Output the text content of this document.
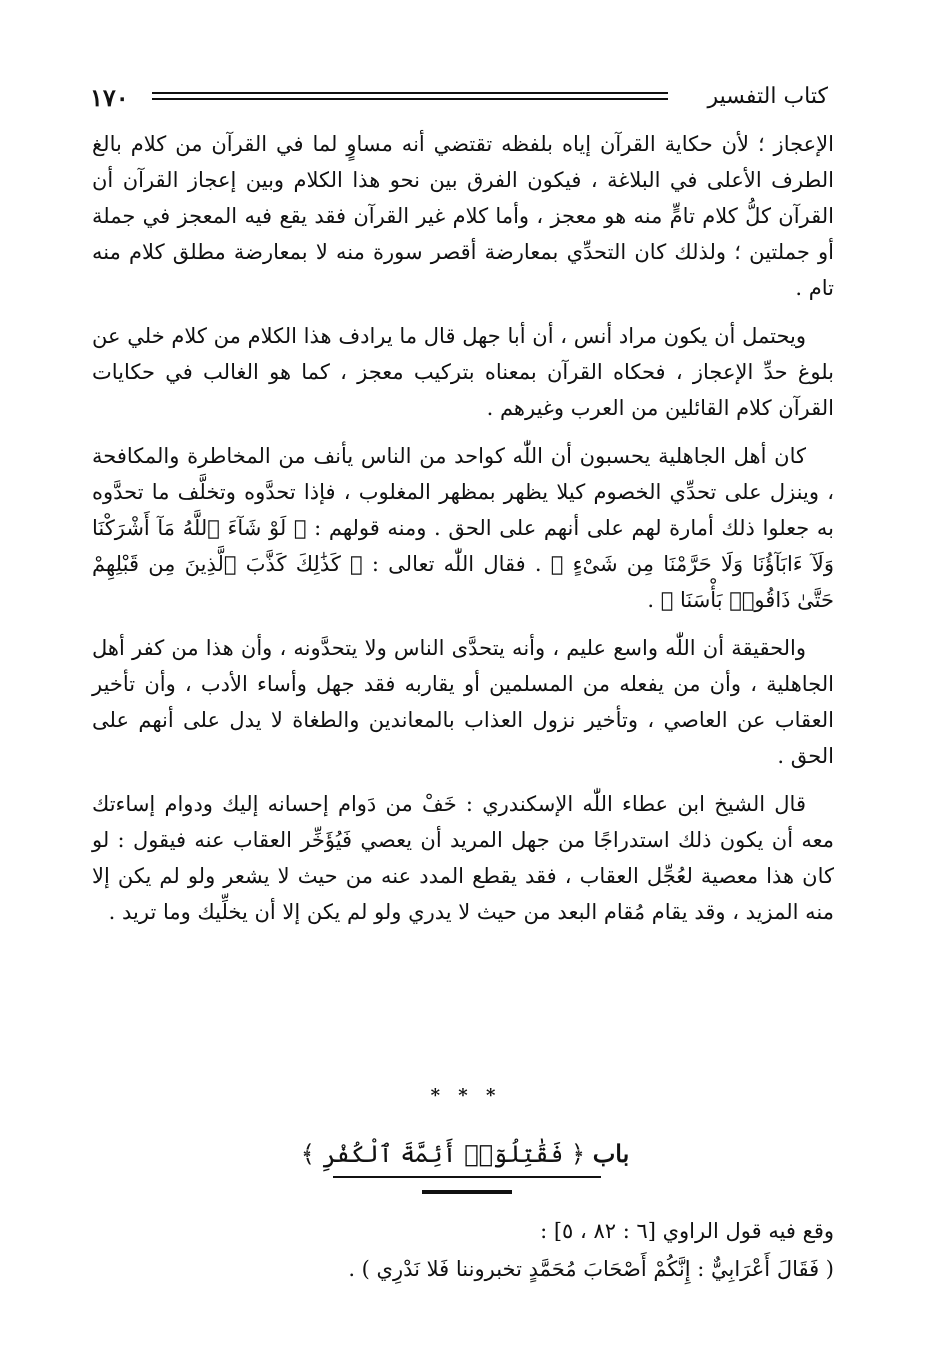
١٧٠	كتاب التفسير

الإعجاز ؛ لأن حكاية القرآن إياه بلفظه تقتضي أنه مساوٍ لما في القرآن من كلام بالغ الطرف الأعلى في البلاغة ، فيكون الفرق بين نحو هذا الكلام وبين إعجاز القرآن أن القرآن كلُّ كلام تامٍّ منه هو معجز ، وأما كلام غير القرآن فقد يقع فيه المعجز في جملة أو جملتين ؛ ولذلك كان التحدِّي بمعارضة أقصر سورة منه لا بمعارضة مطلق كلام منه تام .

ويحتمل أن يكون مراد أنس ، أن أبا جهل قال ما يرادف هذا الكلام من كلام خلي عن بلوغ حدِّ الإعجاز ، فحكاه القرآن بمعناه بتركيب معجز ، كما هو الغالب في حكايات القرآن كلام القائلين من العرب وغيرهم .

كان أهل الجاهلية يحسبون أن اللّٰه كواحد من الناس يأنف من المخاطرة والمكافحة ، وينزل على تحدِّي الخصوم كيلا يظهر بمظهر المغلوب ، فإذا تحدَّوه وتخلَّف ما تحدَّوه به جعلوا ذلك أمارة لهم على أنهم على الحق . ومنه قولهم : ﴿ لَوْ شَآءَ ٱللَّهُ مَآ أَشْرَكْنَا وَلَآ ءَابَآؤُنَا وَلَا حَرَّمْنَا مِن شَىْءٍ ﴾ . فقال اللّٰه تعالى : ﴿ كَذَٰلِكَ كَذَّبَ ٱلَّذِينَ مِن قَبْلِهِمْ حَتَّىٰ ذَاقُوا۟ بَأْسَنَا ﴾ .

والحقيقة أن اللّٰه واسع عليم ، وأنه يتحدَّى الناس ولا يتحدَّونه ، وأن هذا من كفر أهل الجاهلية ، وأن من يفعله من المسلمين أو يقاربه فقد جهل وأساء الأدب ، وأن تأخير العقاب عن العاصي ، وتأخير نزول العذاب بالمعاندين والطغاة لا يدل على أنهم على الحق .

قال الشيخ ابن عطاء اللّٰه الإسكندري : خَفْ من دَوام إحسانه إليك ودوام إساءتك معه أن يكون ذلك استدراجًا من جهل المريد أن يعصي فَيُؤَخِّر العقاب عنه فيقول : لو كان هذا معصية لعُجِّل العقاب ، فقد يقطع المدد عنه من حيث لا يشعر ولو لم يكن إلا منه المزيد ، وقد يقام مُقام البعد من حيث لا يدري ولو لم يكن إلا أن يخلِّيك وما تريد .

* * *
باب ﴿ فَقَٰتِلُوٓا۟ أَئِمَّةَ ٱلْكُفْرِ ﴾

وقع فيه قول الراوي [٦ : ٨٢ ، ٥] :

( فَقَالَ أَعْرَابِيٌّ : إِنَّكُمْ أَصْحَابَ مُحَمَّدٍ تخبروننا فَلا نَدْرِي ) .
